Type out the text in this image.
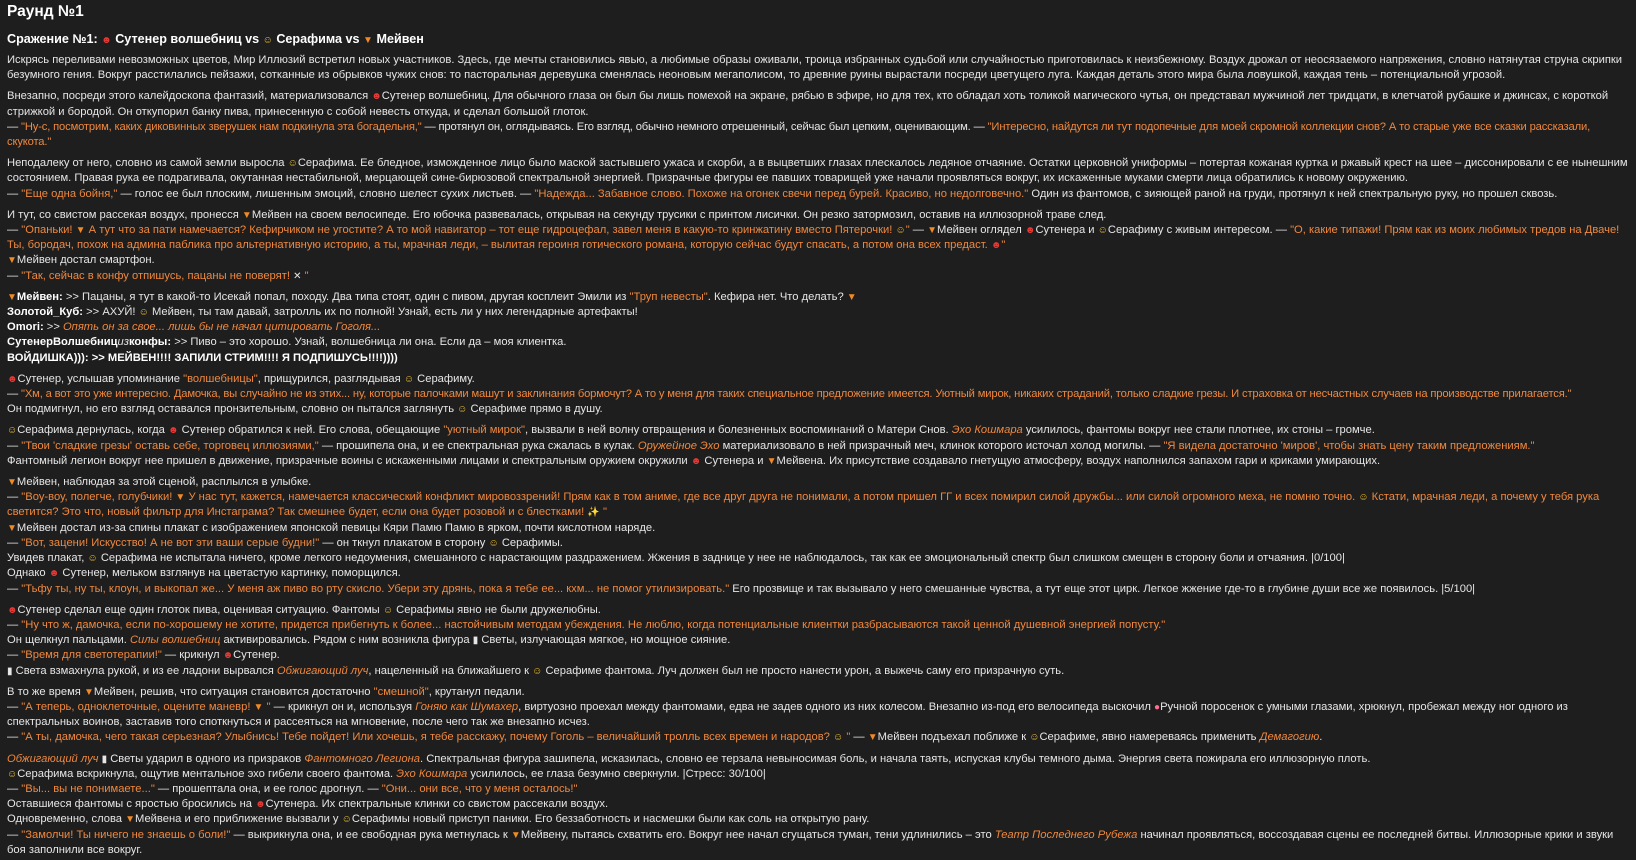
Раунд №1
Сражение №1: ☻ Сутенер волшебниц vs ☺ Серафима vs ▼ Мейвен
Искрясь переливами невозможных цветов, Мир Иллюзий встретил новых участников. Здесь, где мечты становились явью, а любимые образы оживали, троица избранных судьбой или случайностью приготовилась к неизбежному. Воздух дрожал от неосязаемого напряжения, словно натянутая струна скрипки
безумного гения. Вокруг расстилались пейзажи, сотканные из обрывков чужих снов: то пасторальная деревушка сменялась неоновым мегаполисом, то древние руины вырастали посреди цветущего луга. Каждая деталь этого мира была ловушкой, каждая тень – потенциальной угрозой.
Внезапно, посреди этого калейдоскопа фантазий, материализовался ☻Сутенер волшебниц. Для обычного глаза он был бы лишь помехой на экране, рябью в эфире, но для тех, кто обладал хоть толикой магического чутья, он представал мужчиной лет тридцати, в клетчатой рубашке и джинсах, с короткой стрижкой и бородой. Он откупорил банку пива, принесенную с собой невесть откуда, и сделал большой глоток.
— "Ну-с, посмотрим, каких диковинных зверушек нам подкинула эта богадельня," — протянул он, оглядываясь. Его взгляд, обычно немного отрешенный, сейчас был цепким, оценивающим. — "Интересно, найдутся ли тут подопечные для моей скромной коллекции снов? А то старые уже все сказки рассказали, скукота."
Неподалеку от него, словно из самой земли выросла ☺Серафима. Ее бледное, изможденное лицо было маской застывшего ужаса и скорби, а в выцветших глазах плескалось ледяное отчаяние. Остатки церковной униформы – потертая кожаная куртка и ржавый крест на шее – диссонировали с ее нынешним состоянием. Правая рука ее подрагивала, окутанная нестабильной, мерцающей сине-бирюзовой спектральной энергией. Призрачные фигуры ее павших товарищей уже начали проявляться вокруг, их искаженные муками смерти лица обратились к новому окружению.
— "Еще одна бойня," — голос ее был плоским, лишенным эмоций, словно шелест сухих листьев. — "Надежда... Забавное слово. Похоже на огонек свечи перед бурей. Красиво, но недолговечно." Один из фантомов, с зияющей раной на груди, протянул к ней спектральную руку, но прошел сквозь.
И тут, со свистом рассекая воздух, пронесся ▼Мейвен на своем велосипеде. Его юбочка развевалась, открывая на секунду трусики с принтом лисички. Он резко затормозил, оставив на иллюзорной траве след.
— "Опаньки! ▼ А тут что за пати намечается? Кефирчиком не угостите? А то мой навигатор – тот еще гидроцефал, завел меня в какую-то кринжатину вместо Пятерочки! ☺" — ▼Мейвен оглядел ☻Сутенера и ☺Серафиму с живым интересом. — "О, какие типажи! Прям как из моих любимых тредов на Дваче! Ты, бородач, похож на админа паблика про альтернативную историю, а ты, мрачная леди, – вылитая героиня готического романа, которую сейчас будут спасать, а потом она всех предаст. ☻"
▼Мейвен достал смартфон.
— "Так, сейчас в конфу отпишусь, пацаны не поверят! ✕ "
▼Мейвен: >> Пацаны, я тут в какой-то Исекай попал, походу. Два типа стоят, один с пивом, другая косплеит Эмили из "Труп невесты". Кефира нет. Что делать? ▼
Золотой_Куб: >> АХУЙ! ☺ Мейвен, ты там давай, затролль их по полной! Узнай, есть ли у них легендарные артефакты!
Omori: >> Опять он за свое... лишь бы не начал цитировать Гоголя...
СутенерВолшебницизконфы: >> Пиво – это хорошо. Узнай, волшебница ли она. Если да – моя клиентка.
ВОЙДИШКА))): >> МЕЙВЕН!!!! ЗАПИЛИ СТРИМ!!!! Я ПОДПИШУСЬ!!!!))))
☻Сутенер, услышав упоминание "волшебницы", прищурился, разглядывая ☺ Серафиму.
— "Хм, а вот это уже интересно. Дамочка, вы случайно не из этих... ну, которые палочками машут и заклинания бормочут? А то у меня для таких специальное предложение имеется. Уютный мирок, никаких страданий, только сладкие грезы. И страховка от несчастных случаев на производстве прилагается."
Он подмигнул, но его взгляд оставался пронзительным, словно он пытался заглянуть ☺ Серафиме прямо в душу.
☺Серафима дернулась, когда ☻ Сутенер обратился к ней. Его слова, обещающие "уютный мирок", вызвали в ней волну отвращения и болезненных воспоминаний о Матери Снов. Эхо Кошмара усилилось, фантомы вокруг нее стали плотнее, их стоны – громче.
— "Твои 'сладкие грезы' оставь себе, торговец иллюзиями," — прошипела она, и ее спектральная рука сжалась в кулак. Оружейное Эхо материализовало в ней призрачный меч, клинок которого источал холод могилы. — "Я видела достаточно 'миров', чтобы знать цену таким предложениям."
Фантомный легион вокруг нее пришел в движение, призрачные воины с искаженными лицами и спектральным оружием окружили ☻ Сутенера и ▼Мейвена. Их присутствие создавало гнетущую атмосферу, воздух наполнился запахом гари и криками умирающих.
▼Мейвен, наблюдая за этой сценой, расплылся в улыбке.
— "Воу-воу, полегче, голубчики! ▼ У нас тут, кажется, намечается классический конфликт мировоззрений! Прям как в том аниме, где все друг друга не понимали, а потом пришел ГГ и всех помирил силой дружбы... или силой огромного меха, не помню точно. ☺ Кстати, мрачная леди, а почему у тебя рука светится? Это что, новый фильтр для Инстаграма? Так смешнее будет, если она будет розовой и с блестками! ✨ "
▼Мейвен достал из-за спины плакат с изображением японской певицы Кяри Памю Памю в ярком, почти кислотном наряде.
— "Вот, зацени! Искусство! А не вот эти ваши серые будни!" — он ткнул плакатом в сторону ☺ Серафимы.
Увидев плакат, ☺ Серафима не испытала ничего, кроме легкого недоумения, смешанного с нарастающим раздражением. Жжения в заднице у нее не наблюдалось, так как ее эмоциональный спектр был слишком смещен в сторону боли и отчаяния. |0/100|
Однако ☻ Сутенер, мельком взглянув на цветастую картинку, поморщился.
— "Тьфу ты, ну ты, клоун, и выкопал же... У меня аж пиво во рту скисло. Убери эту дрянь, пока я тебе ее... кхм... не помог утилизировать." Его прозвище и так вызывало у него смешанные чувства, а тут еще этот цирк. Легкое жжение где-то в глубине души все же появилось. |5/100|
☻Сутенер сделал еще один глоток пива, оценивая ситуацию. Фантомы ☺ Серафимы явно не были дружелюбны.
— "Ну что ж, дамочка, если по-хорошему не хотите, придется прибегнуть к более... настойчивым методам убеждения. Не люблю, когда потенциальные клиентки разбрасываются такой ценной душевной энергией попусту."
Он щелкнул пальцами. Силы волшебниц активировались. Рядом с ним возникла фигура ▮ Светы, излучающая мягкое, но мощное сияние.
— "Время для светотерапии!" — крикнул ☻Сутенер.
▮ Света взмахнула рукой, и из ее ладони вырвался Обжигающий луч, нацеленный на ближайшего к ☺ Серафиме фантома. Луч должен был не просто нанести урон, а выжечь саму его призрачную суть.
В то же время ▼Мейвен, решив, что ситуация становится достаточно "смешной", крутанул педали.
— "А теперь, одноклеточные, оцените маневр! ▼ " — крикнул он и, используя Гоняю как Шумахер, виртуозно проехал между фантомами, едва не задев одного из них колесом. Внезапно из-под его велосипеда выскочил ●Ручной поросенок с умными глазами, хрюкнул, пробежал между ног одного из спектральных воинов, заставив того споткнуться и рассеяться на мгновение, после чего так же внезапно исчез.
— "А ты, дамочка, чего такая серьезная? Улыбнись! Тебе пойдет! Или хочешь, я тебе расскажу, почему Гоголь – величайший тролль всех времен и народов? ☺ " — ▼Мейвен подъехал поближе к ☺Серафиме, явно намереваясь применить Демагогию.
Обжигающий луч ▮ Светы ударил в одного из призраков Фантомного Легиона. Спектральная фигура зашипела, исказилась, словно ее терзала невыносимая боль, и начала таять, испуская клубы темного дыма. Энергия света пожирала его иллюзорную плоть.
☺Серафима вскрикнула, ощутив ментальное эхо гибели своего фантома. Эхо Кошмара усилилось, ее глаза безумно сверкнули. |Стресс: 30/100|
— "Вы... вы не понимаете..." — прошептала она, и ее голос дрогнул. — "Они... они все, что у меня осталось!"
Оставшиеся фантомы с яростью бросились на ☻Сутенера. Их спектральные клинки со свистом рассекали воздух.
Одновременно, слова ▼Мейвена и его приближение вызвали у ☺Серафимы новый приступ паники. Его беззаботность и насмешки были как соль на открытую рану.
— "Замолчи! Ты ничего не знаешь о боли!" — выкрикнула она, и ее свободная рука метнулась к ▼Мейвену, пытаясь схватить его. Вокруг нее начал сгущаться туман, тени удлинились – это Театр Последнего Рубежа начинал проявляться, воссоздавая сцены ее последней битвы. Иллюзорные крики и звуки боя заполнили все вокруг.
